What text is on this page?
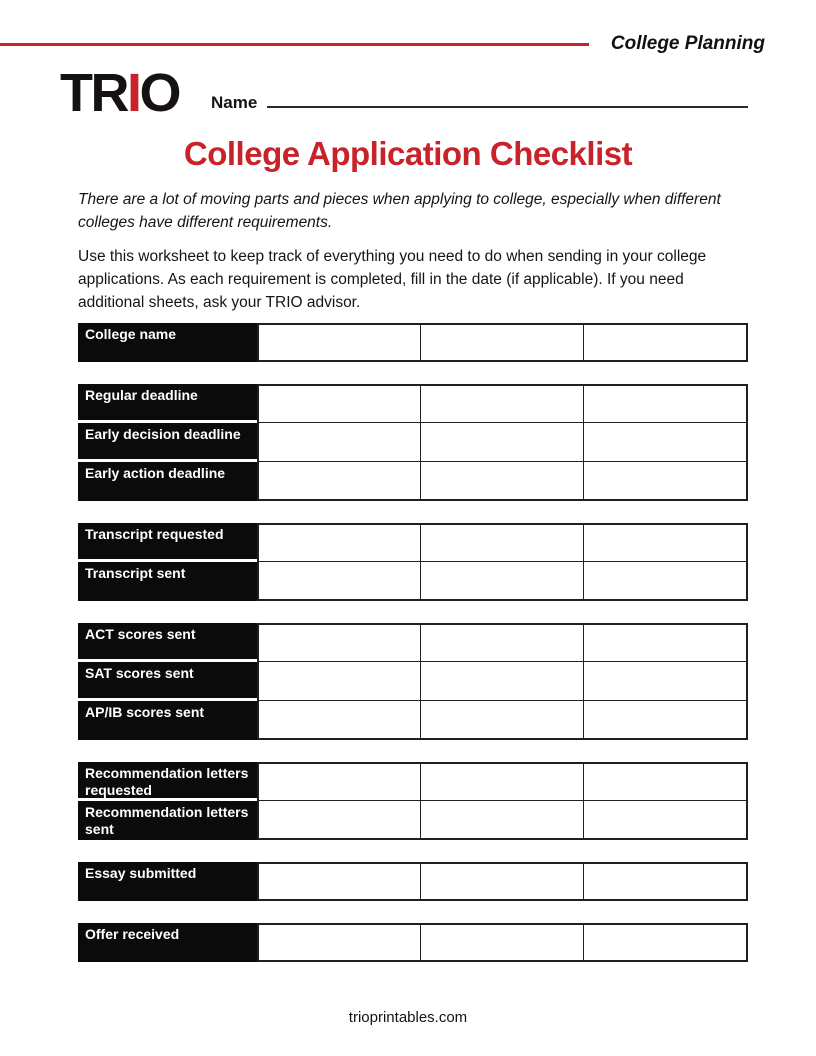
College Planning
TRIO Name
College Application Checklist

There are a lot of moving parts and pieces when applying to college, especially when different colleges have different requirements.

Use this worksheet to keep track of everything you need to do when sending in your college applications. As each requirement is completed, fill in the date (if applicable). If you need additional sheets, ask your TRIO advisor.

College name
Regular deadline
Early decision deadline
Early action deadline
Transcript requested
Transcript sent
ACT scores sent
SAT scores sent
AP/IB scores sent
Recommendation letters requested
Recommendation letters sent
Essay submitted
Offer received
trioprintables.com
